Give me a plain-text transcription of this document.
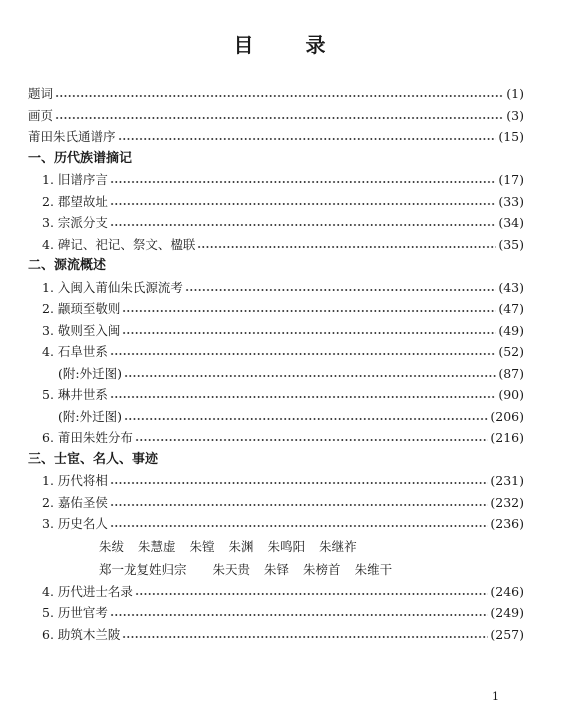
目 录
题词	(1)
画页	(3)
莆田朱氏通谱序	(15)
一、历代族谱摘记
1. 旧谱序言	(17)
2. 郡望故址	(33)
3. 宗派分支	(34)
4. 碑记、祀记、祭文、楹联	(35)
二、源流概述
1. 入闽入莆仙朱氏源流考	(43)
2. 颛顼至敬则	(47)
3. 敬则至入闽	(49)
4. 石阜世系	(52)
(附:外迁图)	(87)
5. 琳井世系	(90)
(附:外迁图)	(206)
6. 莆田朱姓分布	(216)
三、士宦、名人、事迹
1. 历代将相	(231)
2. 嘉佑圣侯	(232)
3. 历史名人	(236)
朱绂 朱慧虚 朱镗 朱渊 朱鸣阳 朱继祚
郑一龙复姓归宗 朱天贵 朱铎 朱榜首 朱维干
4. 历代进士名录	(246)
5. 历世官考	(249)
6. 助筑木兰陂	(257)
1
